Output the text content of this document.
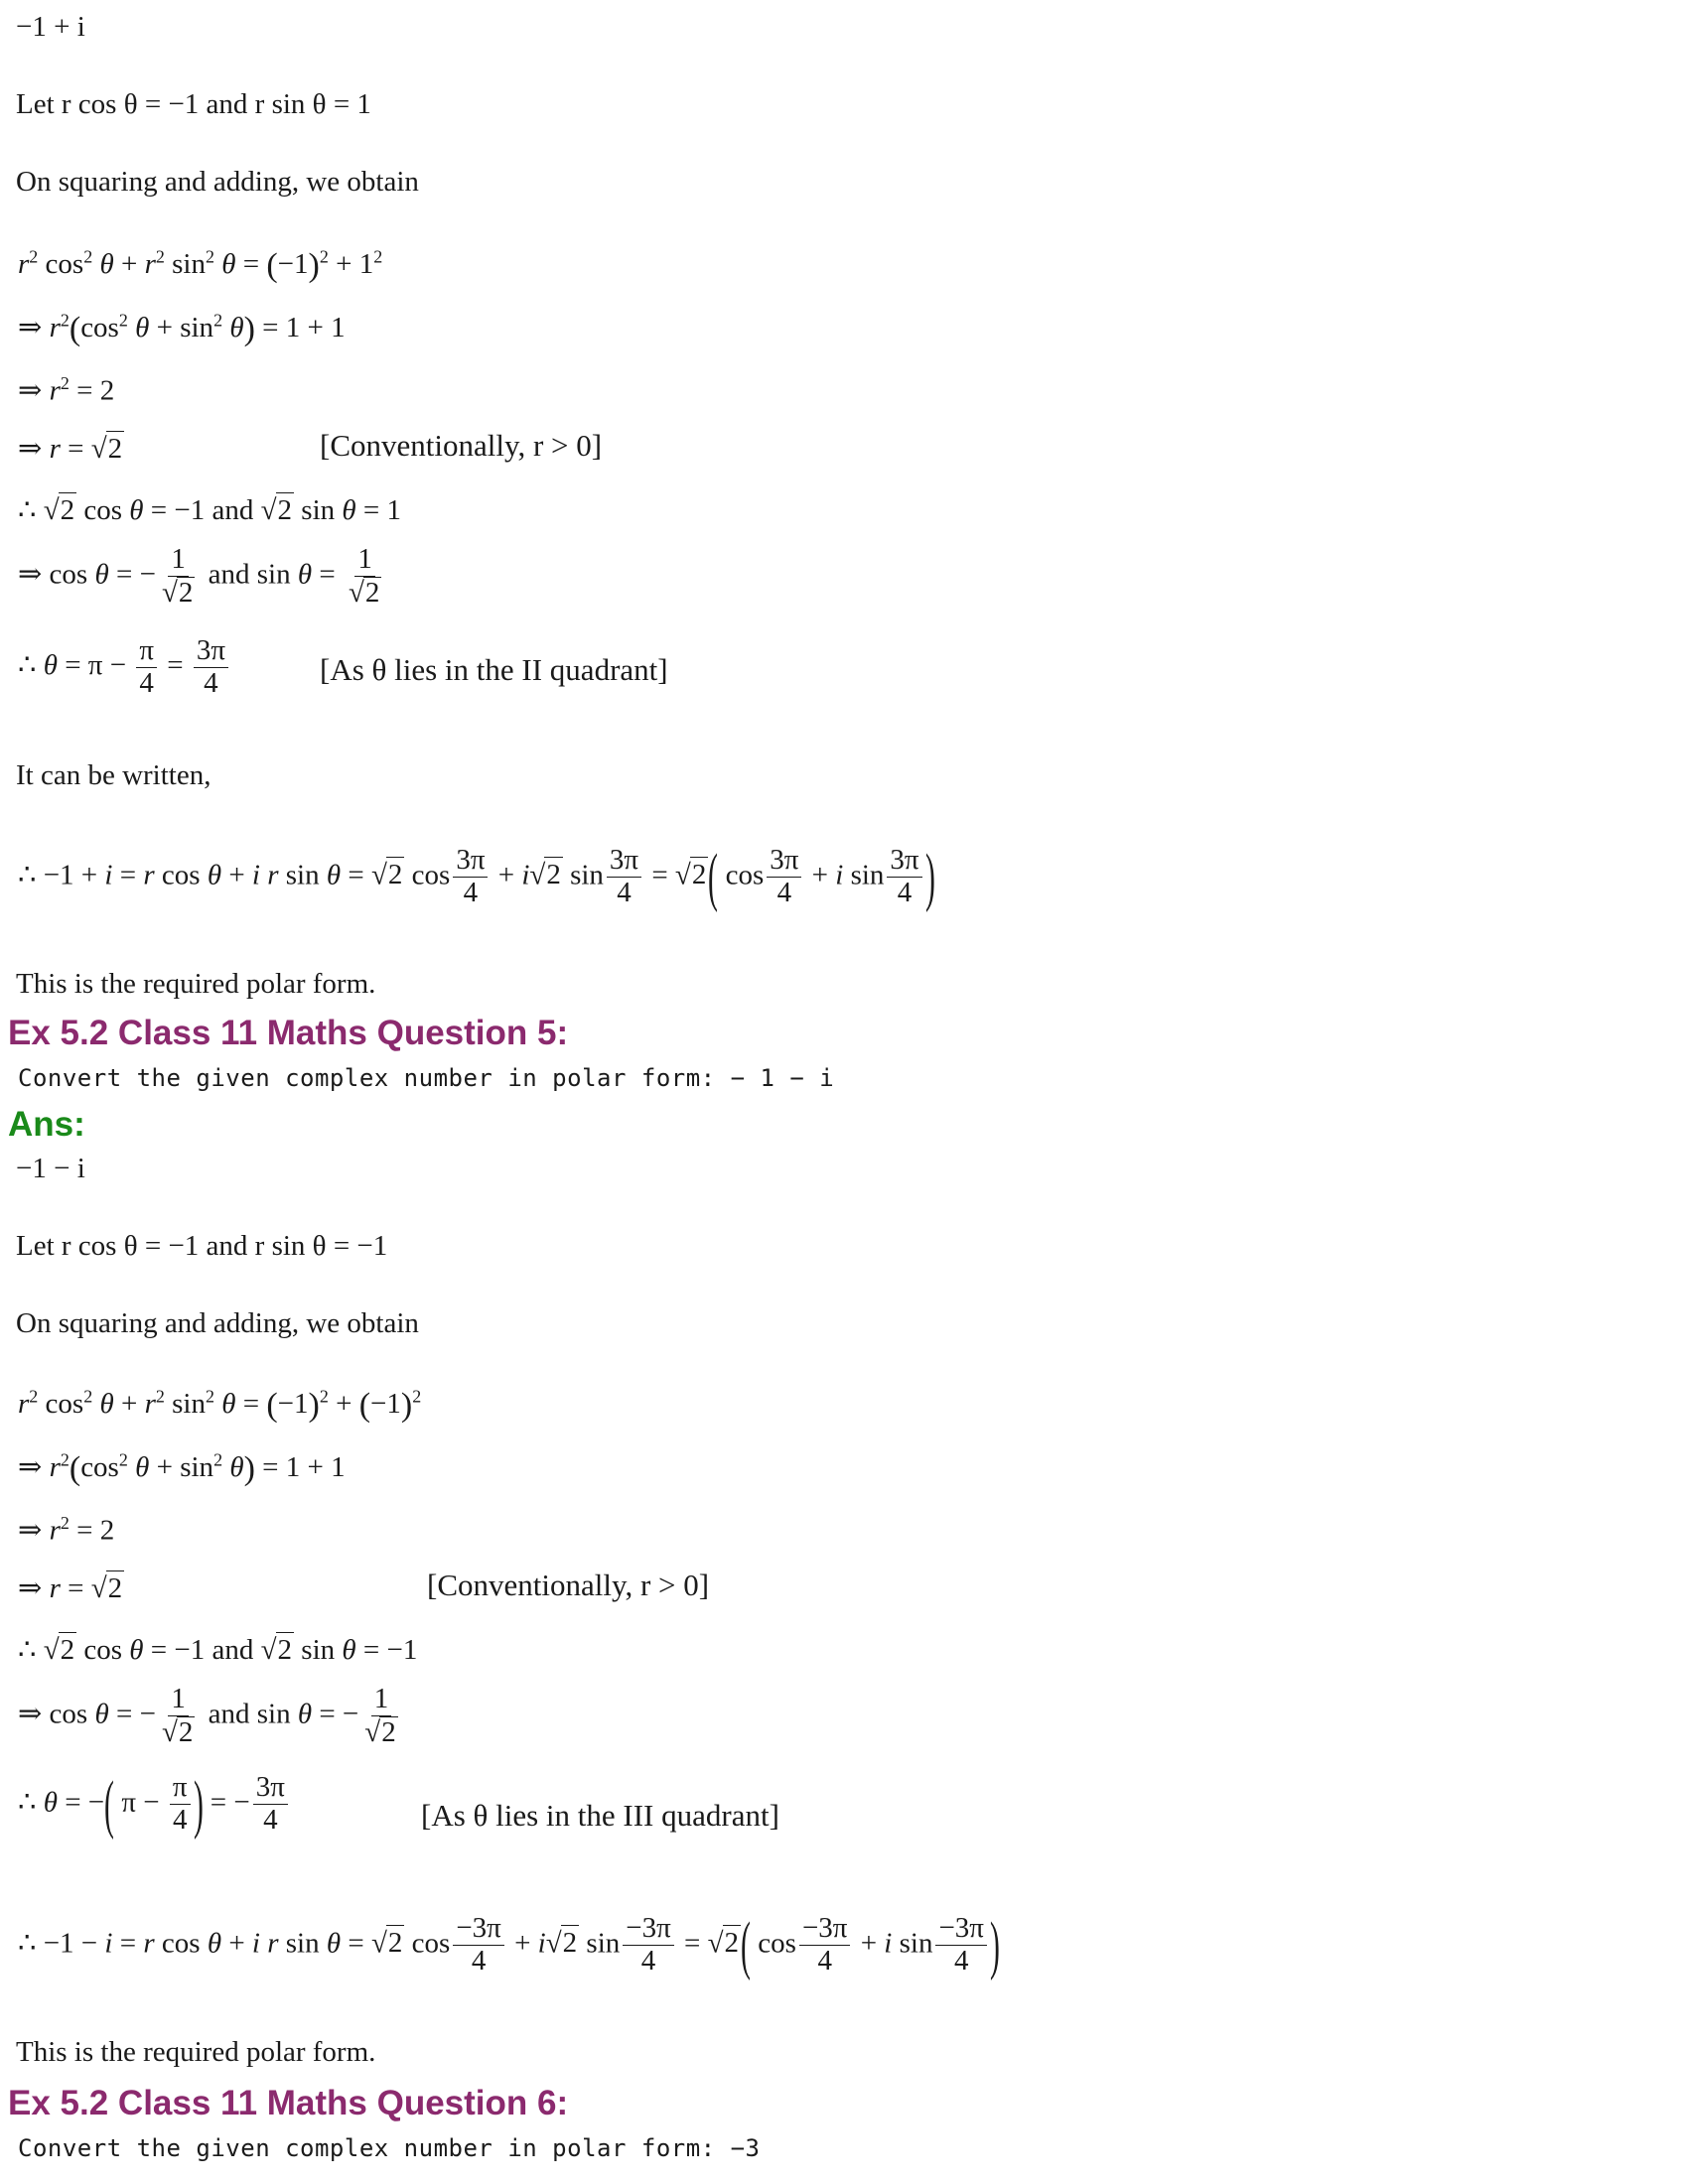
−1 + i
Let r cos θ = −1 and r sin θ = 1
On squaring and adding, we obtain
$r^2$ $\cos^2 \theta + r^2$ $\sin^2 \theta = (-1)^2 + 1^2$
⇒ $r^2(\cos^2$ $\theta + \sin^2 \theta) = 1 + 1$
⇒ $r^2 = 2$
⇒ r = √2	[Conventionally, r > 0]
∴ √2 cos θ = −1 and √2 sin θ = 1
⇒ cos θ = − $\frac{1}{√2}$ and $\sin \theta = \frac{1}{√2}$
∴ $\theta = \pi - \frac{\pi}{4} = \frac{3\pi}{4}$	[As θ lies in the II quadrant]
It can be written,
∴ −1 + i = r cos θ + i r sin θ = √2 $\cos \frac{3\pi}{4} + i√2$ $\sin \frac{3\pi}{4} = √2$( $\cos \frac{3\pi}{4} + i$ $\sin \frac{3\pi}{4}$ )
This is the required polar form.
Ex 5.2 Class 11 Maths Question 5:
Convert the given complex number in polar form: − 1 − i
Ans:
−1 − i
Let r cos θ = −1 and r sin θ = −1
On squaring and adding, we obtain
$r^2$ $\cos^2 \theta + r^2$ $\sin^2 \theta = (-1)^2 + (-1)^2$
⇒ $r^2(\cos^2$ $\theta + \sin^2 \theta) = 1 + 1$
⇒ $r^2 = 2$
⇒ r = √2	[Conventionally, r > 0]
∴ √2 cos θ = −1 and √2 sin θ = −1
⇒ cos θ = − $\frac{1}{√2}$ and sin θ = − $\frac{1}{√2}$
∴ θ = −( $\pi - \frac{\pi}{4}$ ) = − $\frac{3\pi}{4}$	[As θ lies in the III quadrant]
∴ −1 − i = r cos θ + i r sin θ = √2 $\cos \frac{-3\pi}{4} + i√2$ $\sin \frac{-3\pi}{4} = √2$( $\cos \frac{-3\pi}{4} + i$ $\sin \frac{-3\pi}{4}$ )
This is the required polar form.
Ex 5.2 Class 11 Maths Question 6:
Convert the given complex number in polar form: −3
